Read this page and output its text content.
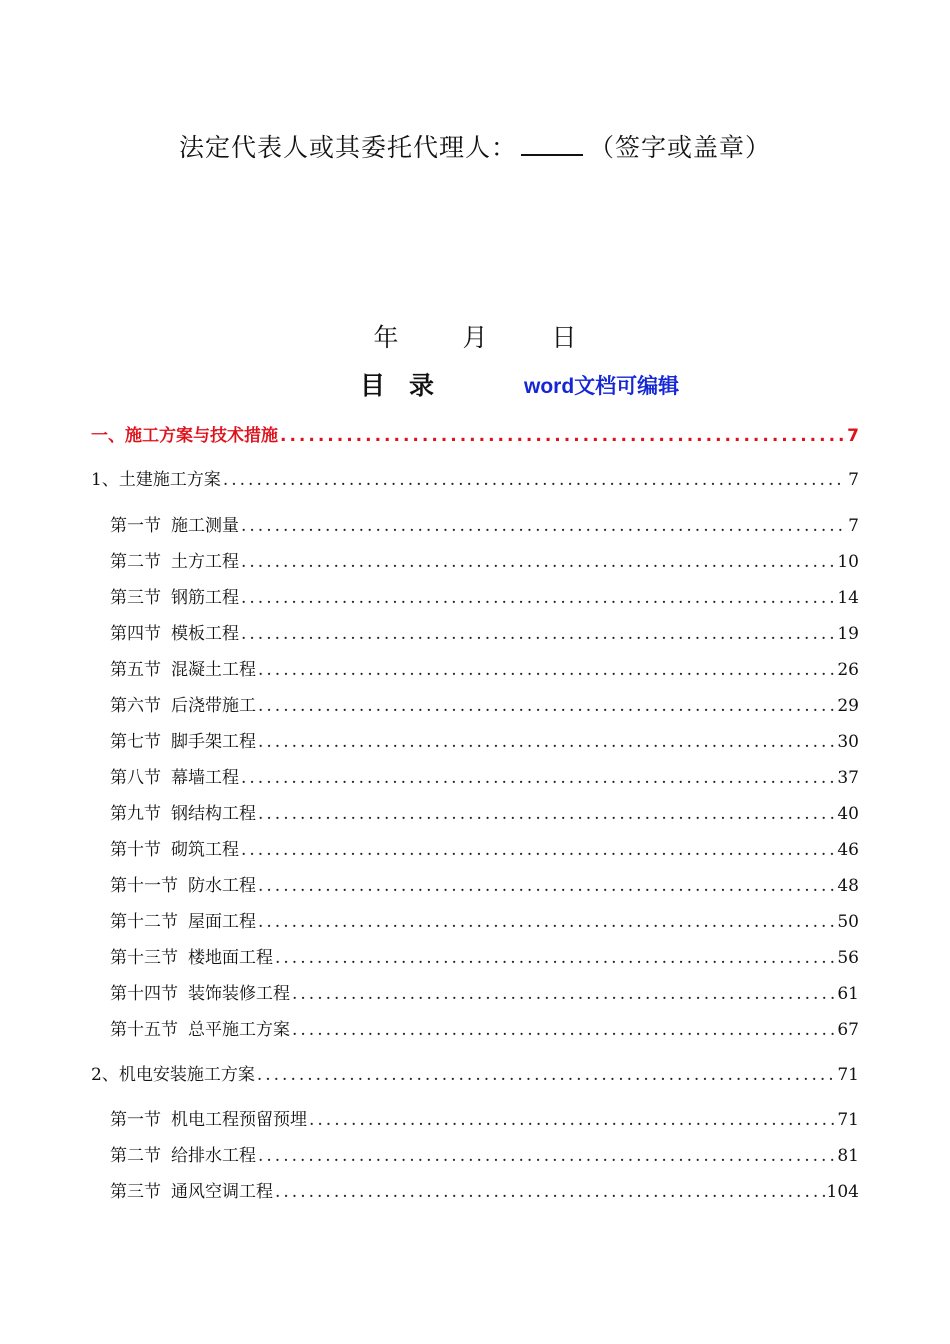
法定代表人或其委托代理人：	（签字或盖章）
年	月	日
目录	word文档可编辑
一、施工方案与技术措施 .....	7
1、土建施工方案 .....	7
第一节 施工测量 .....	7
第二节 土方工程 .....	10
第三节 钢筋工程 .....	14
第四节 模板工程 .....	19
第五节 混凝土工程 .....	26
第六节 后浇带施工 .....	29
第七节 脚手架工程 .....	30
第八节 幕墙工程 .....	37
第九节 钢结构工程 .....	40
第十节 砌筑工程 .....	46
第十一节 防水工程 .....	48
第十二节 屋面工程 .....	50
第十三节 楼地面工程 .....	56
第十四节 装饰装修工程 .....	61
第十五节 总平施工方案 .....	67
2、机电安装施工方案 .....	71
第一节 机电工程预留预埋 .....	71
第二节 给排水工程 .....	81
第三节 通风空调工程 .....	104
